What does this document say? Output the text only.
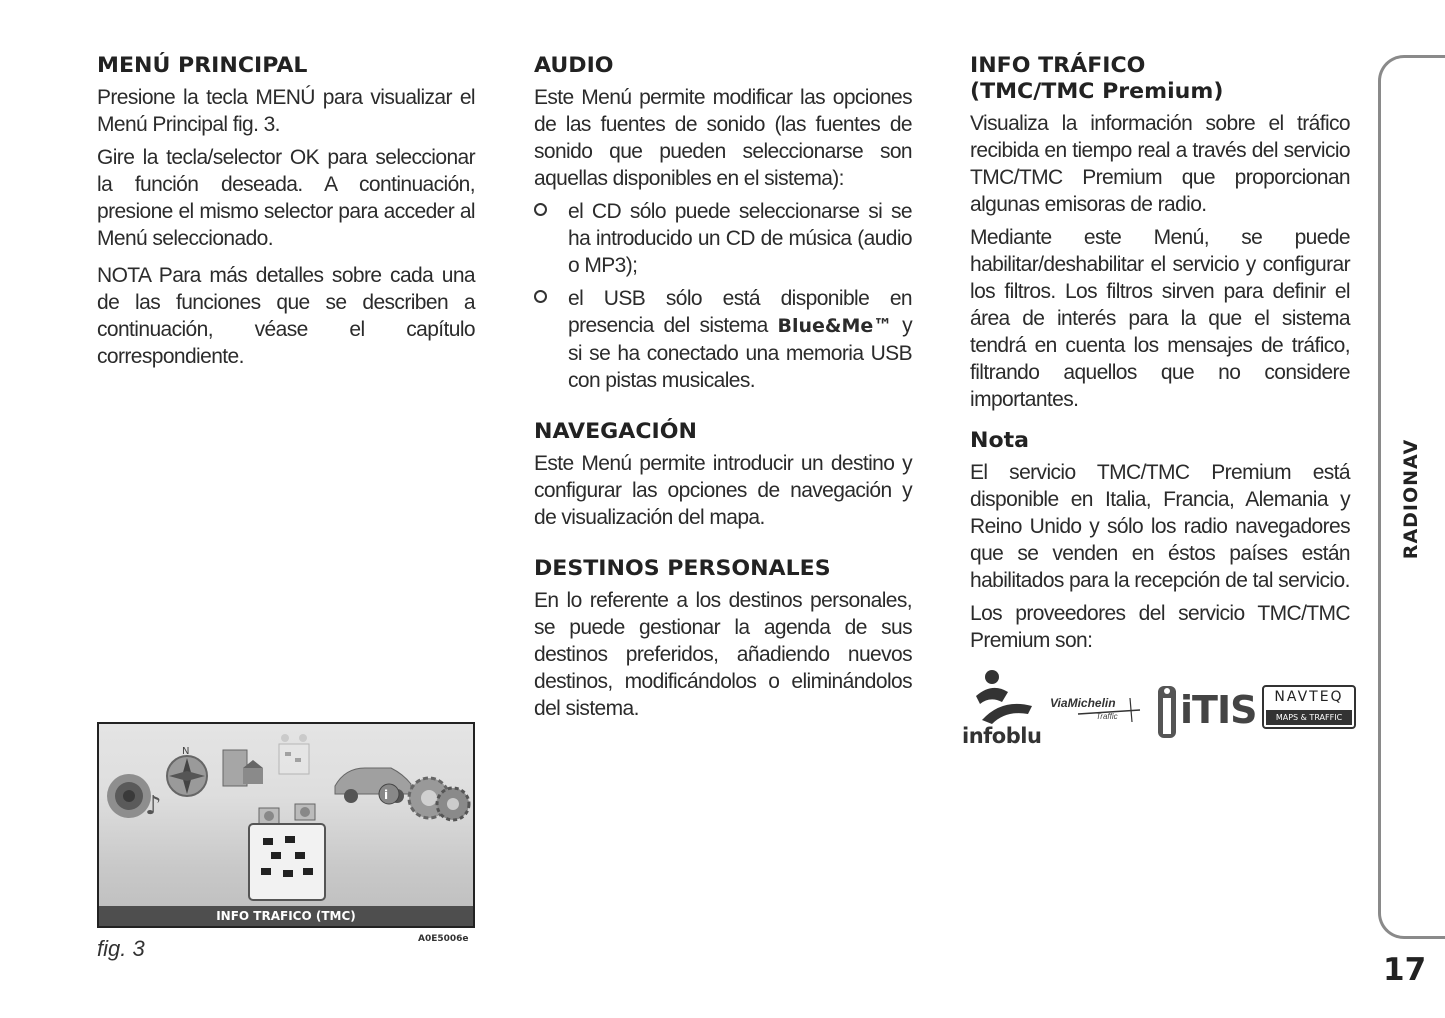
MENÚ PRINCIPAL

Presione la tecla MENÚ para visualizar el Menú Principal fig. 3.

Gire la tecla/selector OK para seleccionar la función deseada. A continuación, presione el mismo selector para acceder al Menú seleccionado.

NOTA Para más detalles sobre cada una de las funciones que se describen a continuación, véase el capítulo correspondiente.

AUDIO

Este Menú permite modificar las opciones de las fuentes de sonido (las fuentes de sonido que pueden seleccionarse son aquellas disponibles en el sistema):

el CD sólo puede seleccionarse si se ha introducido un CD de música (audio o MP3);
el USB sólo está disponible en presencia del sistema Blue&Me™ y si se ha conectado una memoria USB con pistas musicales.
NAVEGACIÓN

Este Menú permite introducir un destino y configurar las opciones de navegación y de visualización del mapa.

DESTINOS PERSONALES

En lo referente a los destinos personales, se puede gestionar la agenda de sus destinos preferidos, añadiendo nuevos destinos, modificándolos o eliminándolos del sistema.

INFO TRÁFICO
(TMC/TMC Premium)

Visualiza la información sobre el tráfico recibida en tiempo real a través del servicio TMC/TMC Premium que proporcionan algunas emisoras de radio.

Mediante este Menú, se puede habilitar/deshabilitar el servicio y configurar los filtros. Los filtros sirven para definir el área de interés para la que el sistema tendrá en cuenta los mensajes de tráfico, filtrando aquellos que no considere importantes.

Nota

El servicio TMC/TMC Premium está disponible en Italia, Francia, Alemania y Reino Unido y sólo los radio navegadores que se venden en éstos países están habilitados para la recepción de tal servicio.

Los proveedores del servicio TMC/TMC Premium son:

infoblu
ViaMichelin
Traffic iTIS	NAVTEQ
MAPS & TRAFFIC
♪
N
i
INFO TRAFICO (TMC)
fig. 3	A0E5006e
RADIONAV
17
